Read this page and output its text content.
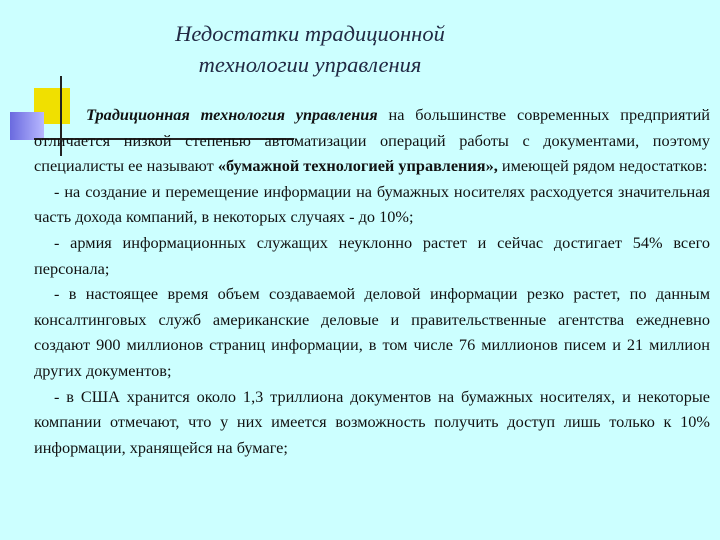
Недостатки традиционной
технологии управления

Традиционная технология управления на большинстве современных предприятий отличается низкой степенью автоматизации операций работы с документами, поэтому специалисты ее называют «бумажной технологией управления», имеющей рядом недостатков:

- на создание и перемещение информации на бумажных носителях расходуется значительная часть дохода компаний, в некоторых случаях - до 10%;

- армия информационных служащих неуклонно растет и сейчас достигает 54% всего персонала;

- в настоящее время объем создаваемой деловой информации резко растет, по данным консалтинговых служб американские деловые и правительственные агентства ежедневно создают 900 миллионов страниц информации, в том числе 76 миллионов писем и 21 миллион других документов;

- в США хранится около 1,3 триллиона документов на бумажных носителях, и некоторые компании отмечают, что у них имеется возможность получить доступ лишь только к 10% информации, хранящейся на бумаге;
